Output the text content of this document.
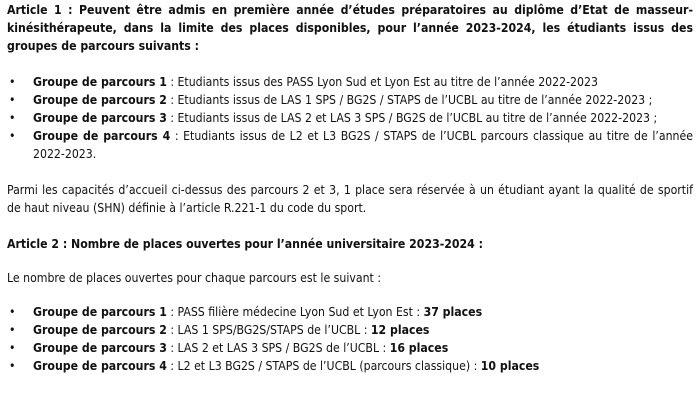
Article 1 : Peuvent être admis en première année d’études préparatoires au diplôme d’Etat de masseur-kinésithérapeute, dans la limite des places disponibles, pour l’année 2023-2024, les étudiants issus des groupes de parcours suivants :

• Groupe de parcours 1 : Etudiants issus des PASS Lyon Sud et Lyon Est au titre de l’année 2022-2023
• Groupe de parcours 2 : Etudiants issus de LAS 1 SPS / BG2S / STAPS de l’UCBL au titre de l’année 2022-2023 ;
• Groupe de parcours 3 : Etudiants issus de LAS 2 et LAS 3 SPS / BG2S de l’UCBL au titre de l’année 2022-2023 ;
• Groupe de parcours 4 : Etudiants issus de L2 et L3 BG2S / STAPS de l’UCBL parcours classique au titre de l’année 2022-2023.

Parmi les capacités d’accueil ci-dessus des parcours 2 et 3, 1 place sera réservée à un étudiant ayant la qualité de sportif de haut niveau (SHN) définie à l’article R.221-1 du code du sport.

Article 2 : Nombre de places ouvertes pour l’année universitaire 2023-2024 :

Le nombre de places ouvertes pour chaque parcours est le suivant :

• Groupe de parcours 1 : PASS filière médecine Lyon Sud et Lyon Est : 37 places
• Groupe de parcours 2 : LAS 1 SPS/BG2S/STAPS de l’UCBL : 12 places
• Groupe de parcours 3 : LAS 2 et LAS 3 SPS / BG2S de l’UCBL : 16 places
• Groupe de parcours 4 : L2 et L3 BG2S / STAPS de l’UCBL (parcours classique) : 10 places
